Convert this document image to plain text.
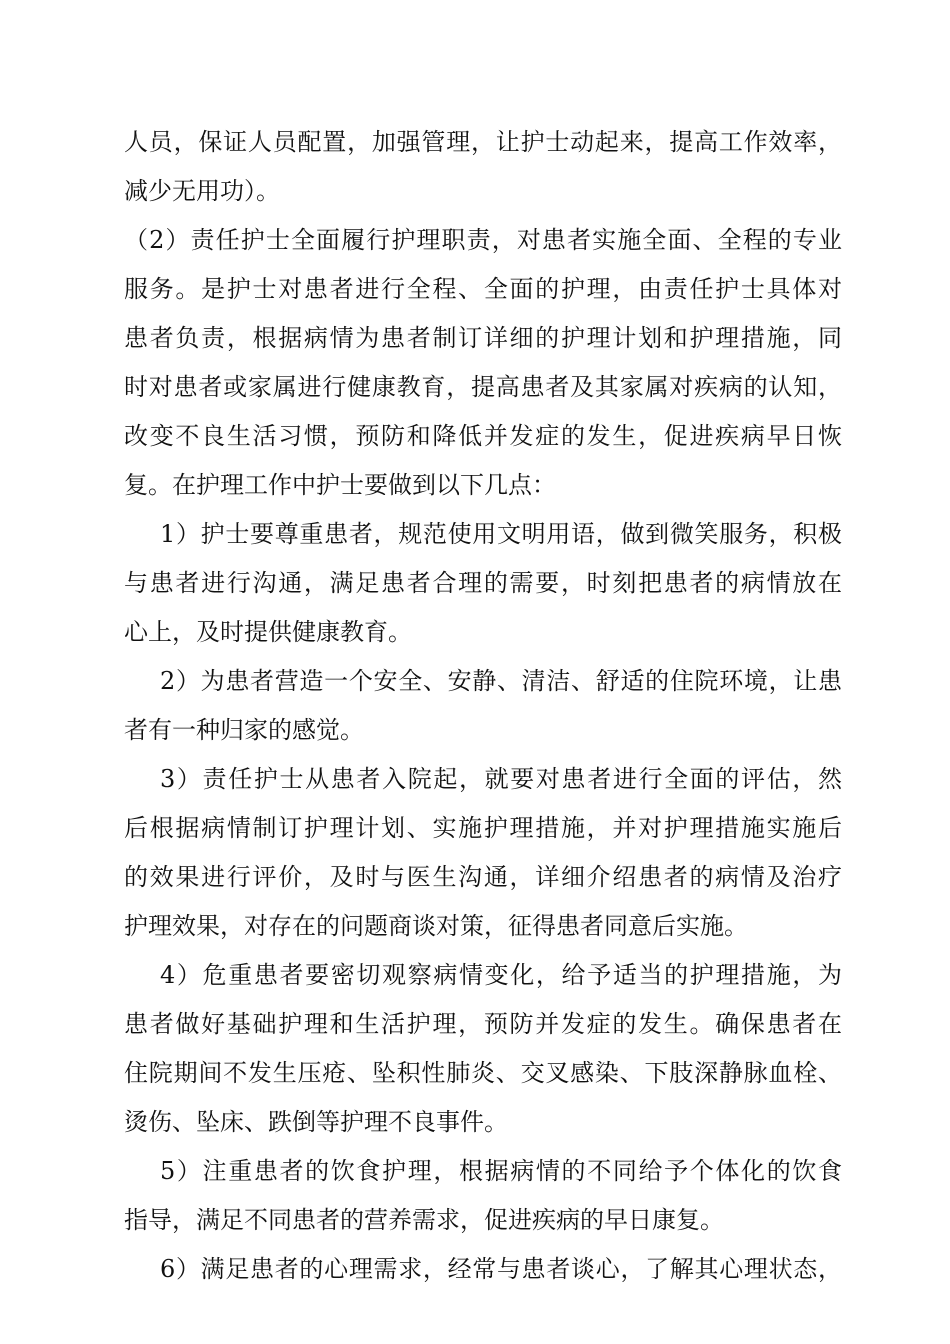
人员，保证人员配置，加强管理，让护士动起来，提高工作效率，
减少无用功）。
（2）责任护士全面履行护理职责，对患者实施全面、全程的专业
服务。是护士对患者进行全程、全面的护理，由责任护士具体对
患者负责，根据病情为患者制订详细的护理计划和护理措施，同
时对患者或家属进行健康教育，提高患者及其家属对疾病的认知，
改变不良生活习惯，预防和降低并发症的发生，促进疾病早日恢
复。在护理工作中护士要做到以下几点：
1）护士要尊重患者，规范使用文明用语，做到微笑服务，积极
与患者进行沟通，满足患者合理的需要，时刻把患者的病情放在
心上，及时提供健康教育。
2）为患者营造一个安全、安静、清洁、舒适的住院环境，让患
者有一种归家的感觉。
3）责任护士从患者入院起，就要对患者进行全面的评估，然
后根据病情制订护理计划、实施护理措施，并对护理措施实施后
的效果进行评价，及时与医生沟通，详细介绍患者的病情及治疗
护理效果，对存在的问题商谈对策，征得患者同意后实施。
4）危重患者要密切观察病情变化，给予适当的护理措施，为
患者做好基础护理和生活护理，预防并发症的发生。确保患者在
住院期间不发生压疮、坠积性肺炎、交叉感染、下肢深静脉血栓、
烫伤、坠床、跌倒等护理不良事件。
5）注重患者的饮食护理，根据病情的不同给予个体化的饮食
指导，满足不同患者的营养需求，促进疾病的早日康复。
6）满足患者的心理需求，经常与患者谈心，了解其心理状态，
